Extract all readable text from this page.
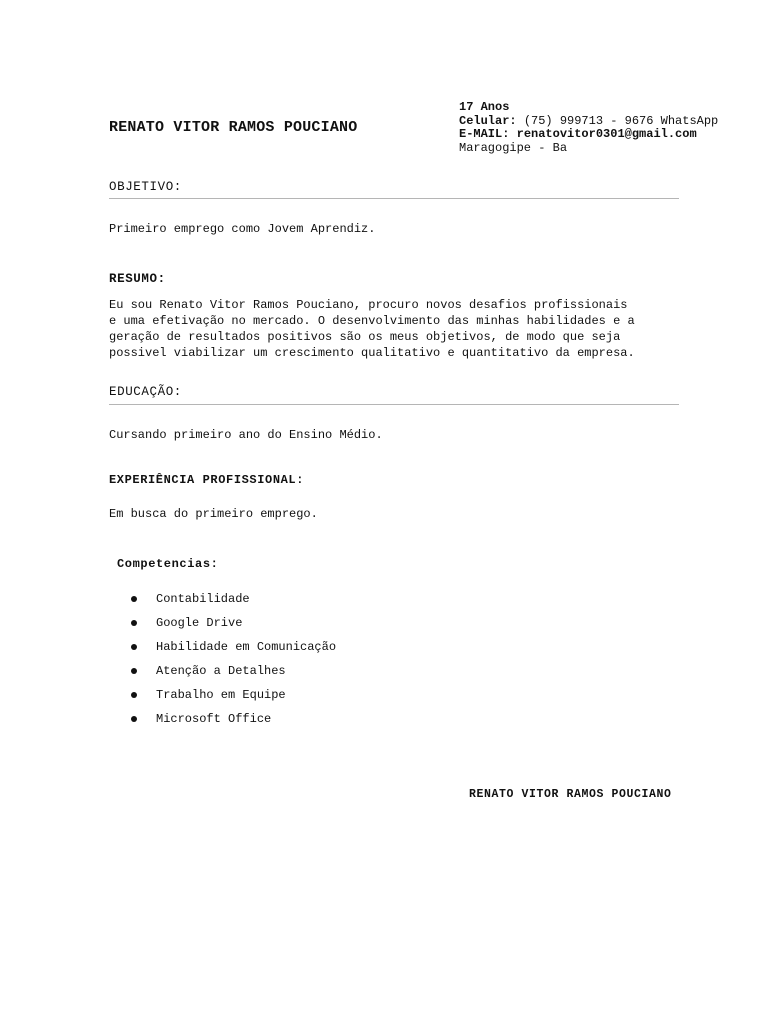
RENATO VITOR RAMOS POUCIANO
17 Anos
Celular: (75) 999713 - 9676 WhatsApp
E-MAIL: renatovitor0301@gmail.com
Maragogipe - Ba
OBJETIVO:
Primeiro emprego como Jovem Aprendiz.
RESUMO:
Eu sou Renato Vitor Ramos Pouciano, procuro novos desafios profissionais
e uma efetivação no mercado. O desenvolvimento das minhas habilidades e a
geração de resultados positivos são os meus objetivos, de modo que seja
possivel viabilizar um crescimento qualitativo e quantitativo da empresa.
EDUCAÇÃO:
Cursando primeiro ano do Ensino Médio.
EXPERIÊNCIA PROFISSIONAL:
Em busca do primeiro emprego.
Competencias:
Contabilidade
Google Drive
Habilidade em Comunicação
Atenção a Detalhes
Trabalho em Equipe
Microsoft Office
RENATO VITOR RAMOS POUCIANO
